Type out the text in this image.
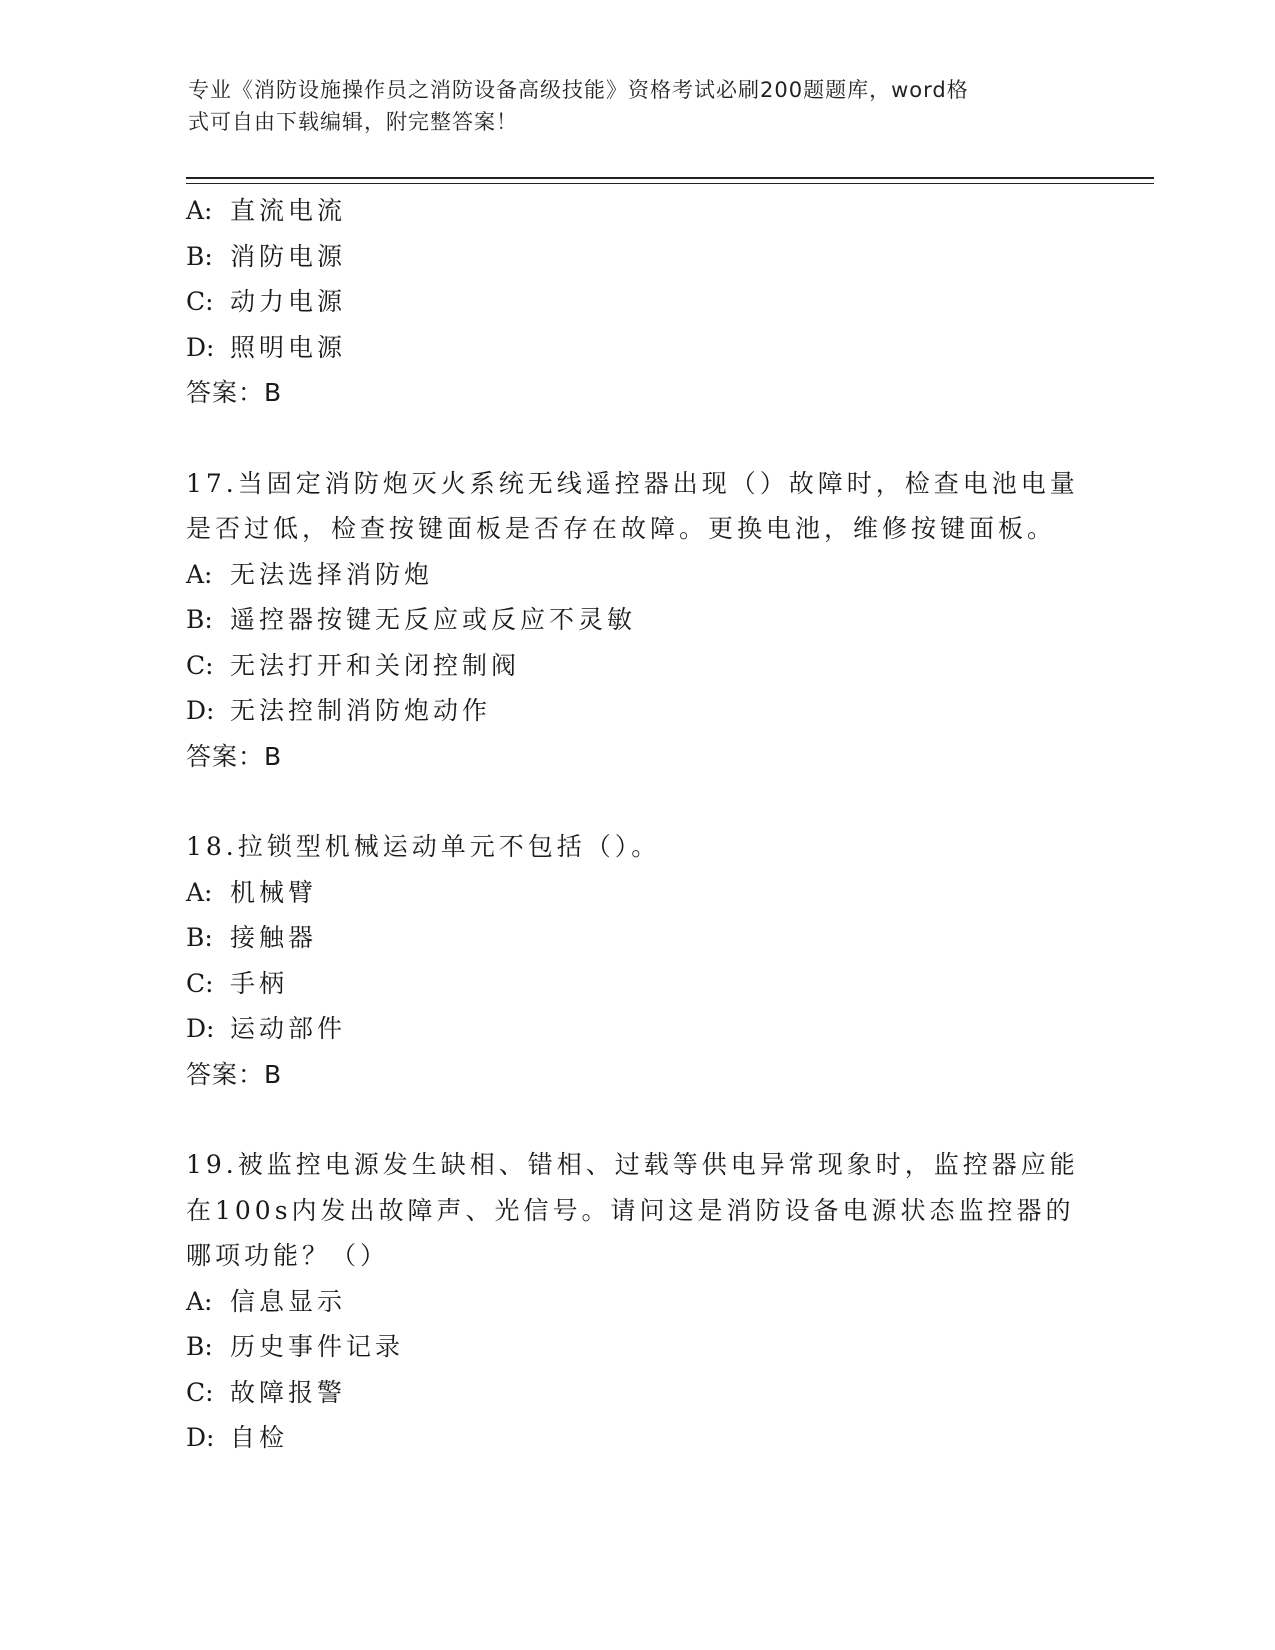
专业《消防设施操作员之消防设备高级技能》资格考试必刷200题题库，word格
式可自由下载编辑，附完整答案！
A: 直流电流
B: 消防电源
C: 动力电源
D: 照明电源
答案：B
17.当固定消防炮灭火系统无线遥控器出现（）故障时，检查电池电量
是否过低，检查按键面板是否存在故障。更换电池，维修按键面板。
A: 无法选择消防炮
B: 遥控器按键无反应或反应不灵敏
C: 无法打开和关闭控制阀
D: 无法控制消防炮动作
答案：B
18.拉锁型机械运动单元不包括（）。
A: 机械臂
B: 接触器
C: 手柄
D: 运动部件
答案：B
19.被监控电源发生缺相、错相、过载等供电异常现象时，监控器应能
在100s内发出故障声、光信号。请问这是消防设备电源状态监控器的
哪项功能？（）
A: 信息显示
B: 历史事件记录
C: 故障报警
D: 自检
